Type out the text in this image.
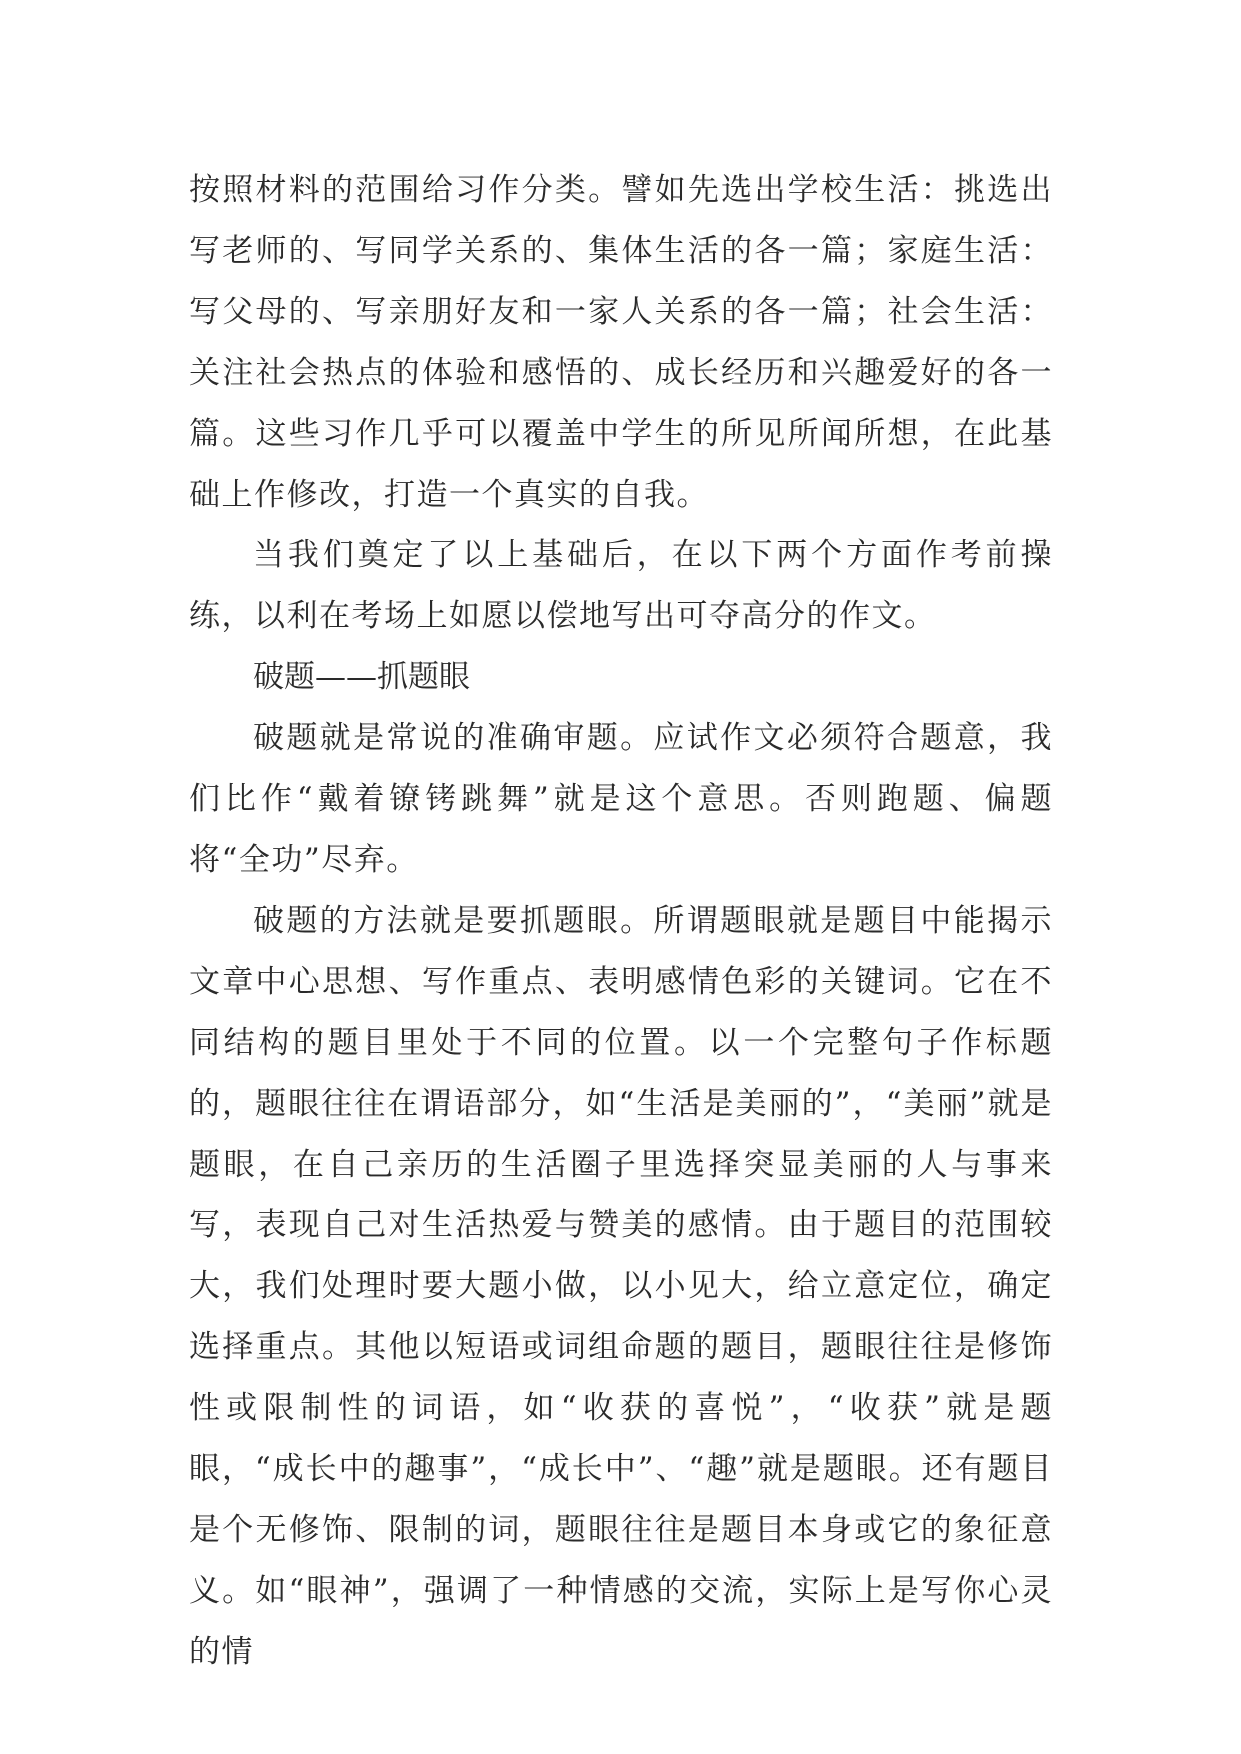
按照材料的范围给习作分类。譬如先选出学校生活：挑选出写老师的、写同学关系的、集体生活的各一篇；家庭生活：写父母的、写亲朋好友和一家人关系的各一篇；社会生活：关注社会热点的体验和感悟的、成长经历和兴趣爱好的各一篇。这些习作几乎可以覆盖中学生的所见所闻所想，在此基础上作修改，打造一个真实的自我。

当我们奠定了以上基础后，在以下两个方面作考前操练，以利在考场上如愿以偿地写出可夺高分的作文。

破题——抓题眼

破题就是常说的准确审题。应试作文必须符合题意，我们比作“戴着镣铐跳舞”就是这个意思。否则跑题、偏题将“全功”尽弃。

破题的方法就是要抓题眼。所谓题眼就是题目中能揭示文章中心思想、写作重点、表明感情色彩的关键词。它在不同结构的题目里处于不同的位置。以一个完整句子作标题的，题眼往往在谓语部分，如“生活是美丽的”，“美丽”就是题眼，在自己亲历的生活圈子里选择突显美丽的人与事来写，表现自己对生活热爱与赞美的感情。由于题目的范围较大，我们处理时要大题小做，以小见大，给立意定位，确定选择重点。其他以短语或词组命题的题目，题眼往往是修饰性或限制性的词语，如“收获的喜悦”，“收获”就是题眼，“成长中的趣事”，“成长中”、“趣”就是题眼。还有题目是个无修饰、限制的词，题眼往往是题目本身或它的象征意义。如“眼神”，强调了一种情感的交流，实际上是写你心灵的情
